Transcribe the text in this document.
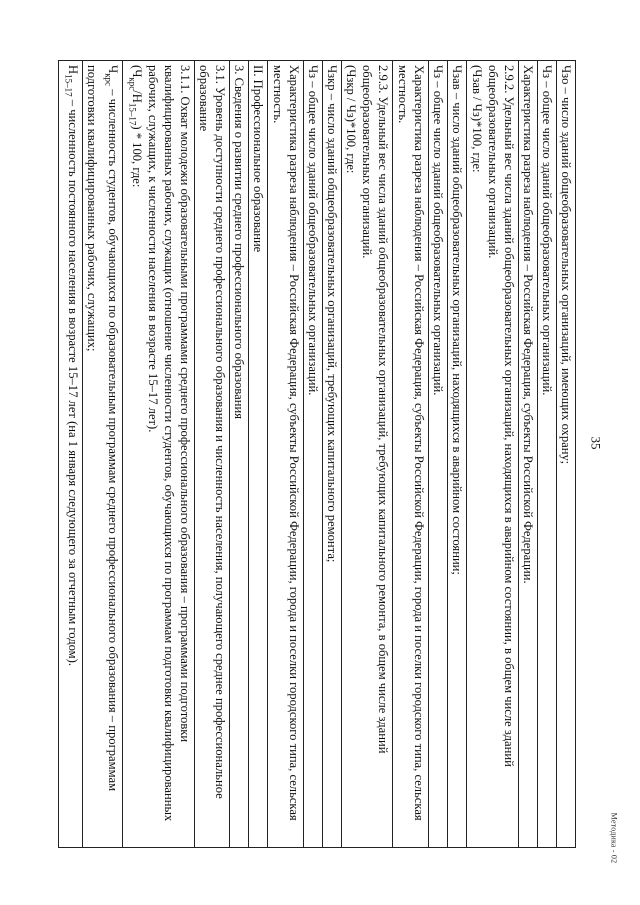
35
Чзо – число зданий общеобразовательных организаций, имеющих охрану;
Чз – общее число зданий общеобразовательных организаций.
Характеристика разреза наблюдения – Российская Федерация, субъекты Российской Федерации.
2.9.2. Удельный вес числа зданий общеобразовательных организаций, находящихся в аварийном состоянии, в общем числе зданий общеобразовательных организаций.
(Чзав / Чз)*100, где:
Чзав – число зданий общеобразовательных организаций, находящихся в аварийном состоянии;
Чз – общее число зданий общеобразовательных организаций.
Характеристика разреза наблюдения – Российская Федерация, субъекты Российской Федерации, города и поселки городского типа, сельская местность.
2.9.3. Удельный вес числа зданий общеобразовательных организаций, требующих капитального ремонта, в общем числе зданий общеобразовательных организаций.
(Чзкр / Чз)*100, где:
Чзкр – число зданий общеобразовательных организаций, требующих капитального ремонта;
Чз – общее число зданий общеобразовательных организаций.
Характеристика разреза наблюдения – Российская Федерация, субъекты Российской Федерации, города и поселки городского типа, сельская местность.
II. Профессиональное образование
3. Сведения о развитии среднего профессионального образования
3.1. Уровень доступности среднего профессионального образования и численность населения, получающего среднее профессиональное образование
3.1.1. Охват молодежи образовательными программами среднего профессионального образования – программами подготовки квалифицированных рабочих, служащих (отношение численности студентов, обучающихся по программам подготовки квалифицированных рабочих, служащих, к численности населения в возрасте 15–17 лет).
$(Ч_{крс}/Н_{15-17}) * 100$, где:
$Ч_{крс}$ – численность студентов, обучающихся по образовательным программам среднего профессионального образования – программам подготовки квалифицированных рабочих, служащих;
$Н_{15-17}$ – численность постоянного населения в возрасте 15–17 лет (на 1 января следующего за отчетным годом).
Методика - 02
